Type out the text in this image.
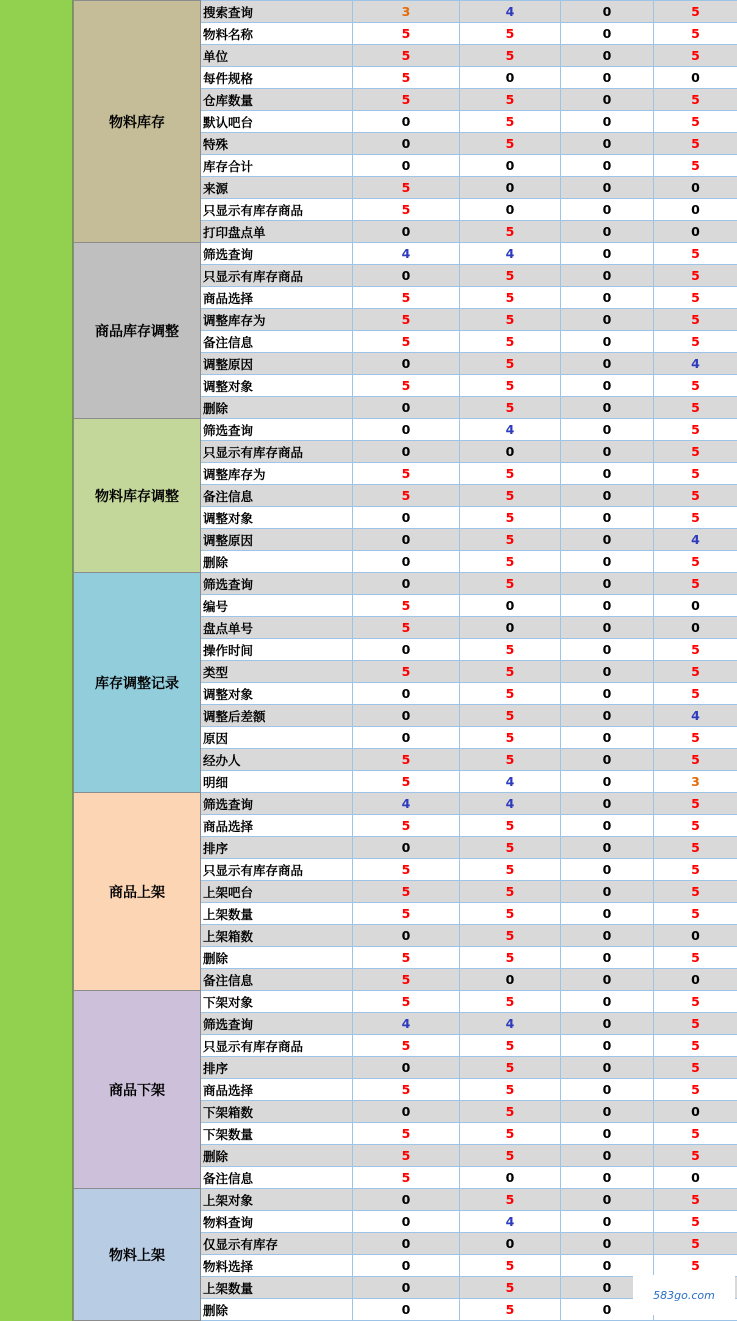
物料库存	搜索查询	3	4	0	5
	物料名称	5	5	0	5
	单位	5	5	0	5
	每件规格	5	0	0	0
	仓库数量	5	5	0	5
	默认吧台	0	5	0	5
	特殊	0	5	0	5
	库存合计	0	0	0	5
	来源	5	0	0	0
	只显示有库存商品	5	0	0	0
	打印盘点单	0	5	0	0
商品库存调整	筛选查询	4	4	0	5
	只显示有库存商品	0	5	0	5
	商品选择	5	5	0	5
	调整库存为	5	5	0	5
	备注信息	5	5	0	5
	调整原因	0	5	0	4
	调整对象	5	5	0	5
	删除	0	5	0	5
物料库存调整	筛选查询	0	4	0	5
	只显示有库存商品	0	0	0	5
	调整库存为	5	5	0	5
	备注信息	5	5	0	5
	调整对象	0	5	0	5
	调整原因	0	5	0	4
	删除	0	5	0	5
库存调整记录	筛选查询	0	5	0	5
	编号	5	0	0	0
	盘点单号	5	0	0	0
	操作时间	0	5	0	5
	类型	5	5	0	5
	调整对象	0	5	0	5
	调整后差额	0	5	0	4
	原因	0	5	0	5
	经办人	5	5	0	5
	明细	5	4	0	3
商品上架	筛选查询	4	4	0	5
	商品选择	5	5	0	5
	排序	0	5	0	5
	只显示有库存商品	5	5	0	5
	上架吧台	5	5	0	5
	上架数量	5	5	0	5
	上架箱数	0	5	0	0
	删除	5	5	0	5
	备注信息	5	0	0	0
商品下架	下架对象	5	5	0	5
	筛选查询	4	4	0	5
	只显示有库存商品	5	5	0	5
	排序	0	5	0	5
	商品选择	5	5	0	5
	下架箱数	0	5	0	0
	下架数量	5	5	0	5
	删除	5	5	0	5
	备注信息	5	0	0	0
物料上架	上架对象	0	5	0	5
	物料查询	0	4	0	5
	仅显示有库存	0	0	0	5
	物料选择	0	5	0	5
	上架数量	0	5	0	
	删除	0	5	0	
583go.com
